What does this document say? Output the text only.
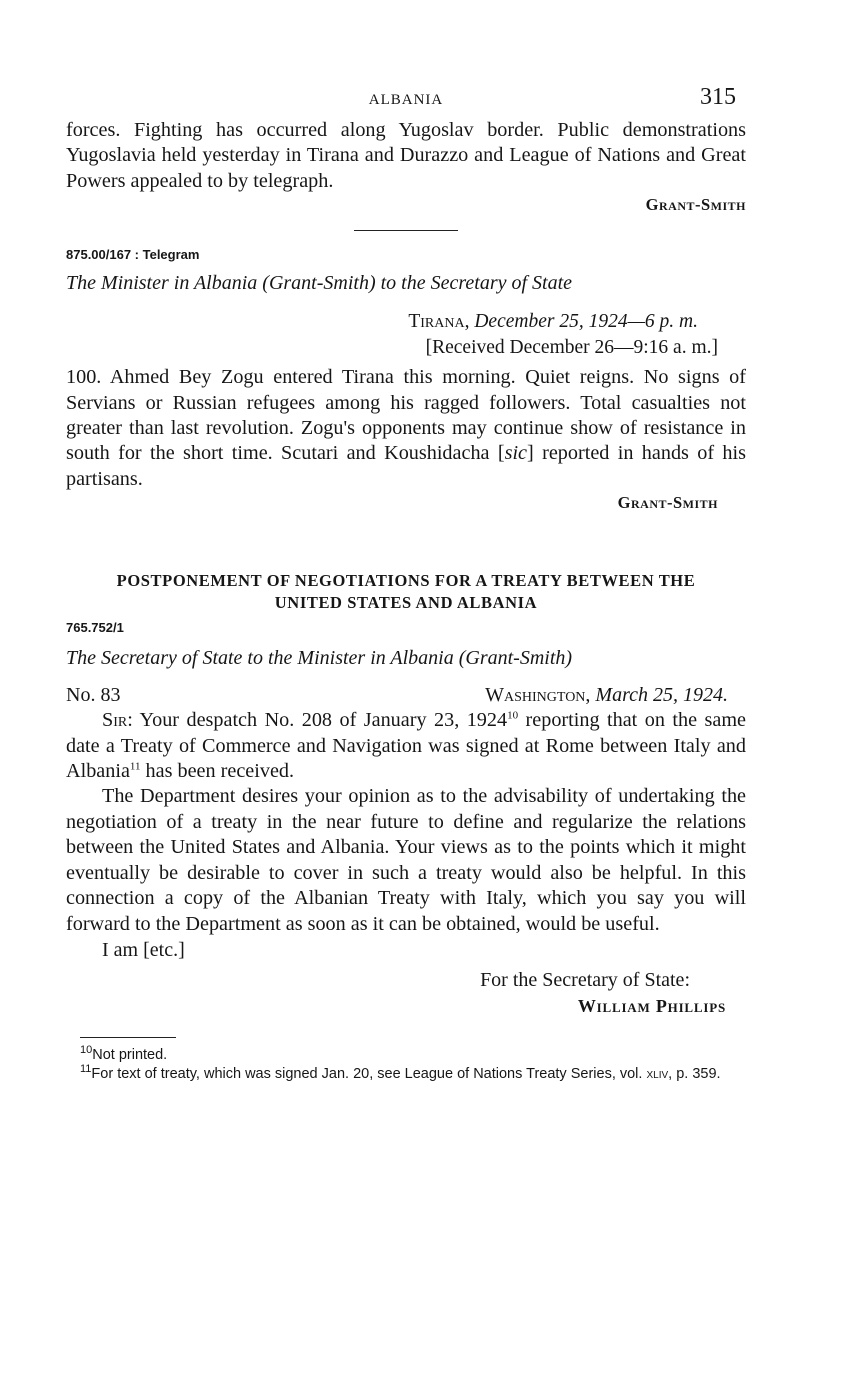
ALBANIA	315

forces. Fighting has occurred along Yugoslav border. Public demonstrations Yugoslavia held yesterday in Tirana and Durazzo and League of Nations and Great Powers appealed to by telegraph.

Grant-Smith
875.00/167 : Telegram
The Minister in Albania (Grant-Smith) to the Secretary of State
Tirana, December 25, 1924—6 p. m.
[Received December 26—9:16 a. m.]

100. Ahmed Bey Zogu entered Tirana this morning. Quiet reigns. No signs of Servians or Russian refugees among his ragged followers. Total casualties not greater than last revolution. Zogu's opponents may continue show of resistance in south for the short time. Scutari and Koushidacha [sic] reported in hands of his partisans.

Grant-Smith
POSTPONEMENT OF NEGOTIATIONS FOR A TREATY BETWEEN THE
UNITED STATES AND ALBANIA
765.752/1
The Secretary of State to the Minister in Albania (Grant-Smith)
No. 83	Washington, March 25, 1924.

Sir: Your despatch No. 208 of January 23, 1924$^{10}$ reporting that on the same date a Treaty of Commerce and Navigation was signed at Rome between Italy and Albania$^{11}$ has been received.

The Department desires your opinion as to the advisability of undertaking the negotiation of a treaty in the near future to define and regularize the relations between the United States and Albania. Your views as to the points which it might eventually be desirable to cover in such a treaty would also be helpful. In this connection a copy of the Albanian Treaty with Italy, which you say you will forward to the Department as soon as it can be obtained, would be useful.

I am [etc.]
For the Secretary of State:
William Phillips
$^{10}$Not printed.
$^{11}$For text of treaty, which was signed Jan. 20, see League of Nations Treaty Series, vol. xliv, p. 359.
